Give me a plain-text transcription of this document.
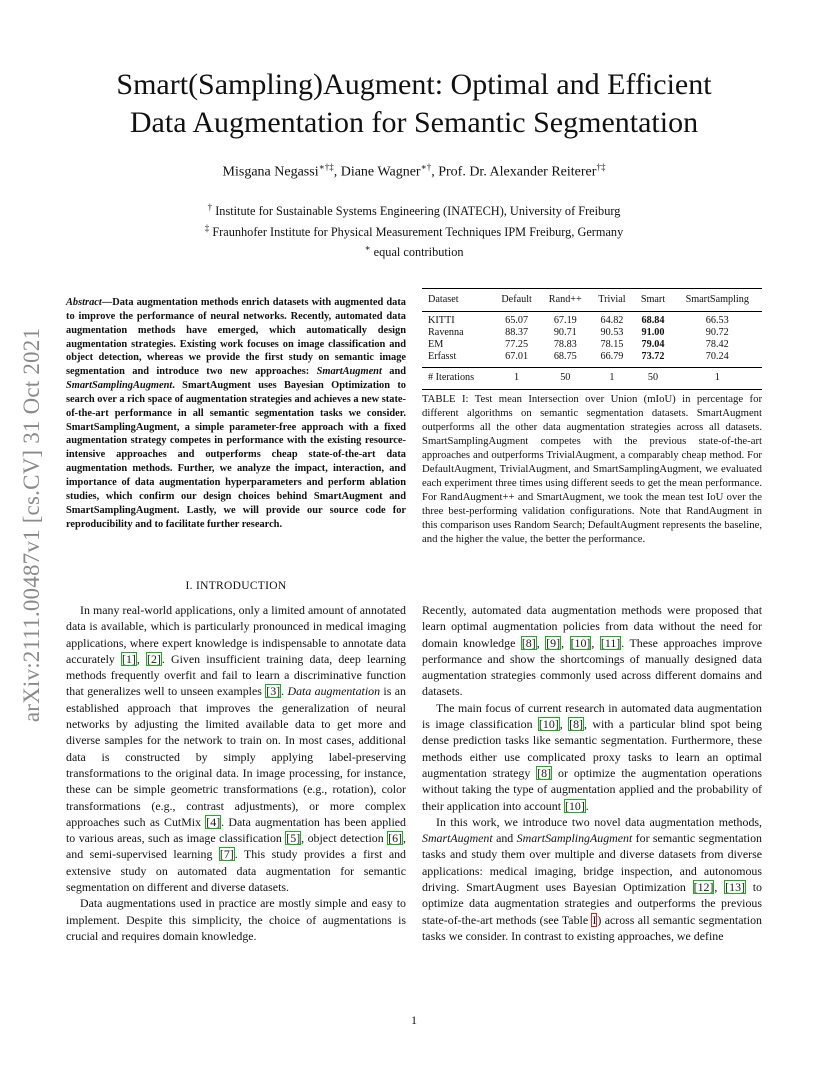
arXiv:2111.00487v1 [cs.CV] 31 Oct 2021
Smart(Sampling)Augment: Optimal and Efficient
Data Augmentation for Semantic Segmentation
Misgana Negassi∗†‡, Diane Wagner∗†, Prof. Dr. Alexander Reiterer†‡
† Institute for Sustainable Systems Engineering (INATECH), University of Freiburg
‡ Fraunhofer Institute for Physical Measurement Techniques IPM Freiburg, Germany
∗ equal contribution
Abstract—Data augmentation methods enrich datasets with augmented data to improve the performance of neural networks. Recently, automated data augmentation methods have emerged, which automatically design augmentation strategies. Existing work focuses on image classification and object detection, whereas we provide the first study on semantic image segmentation and introduce two new approaches: SmartAugment and SmartSamplingAugment. SmartAugment uses Bayesian Optimization to search over a rich space of augmentation strategies and achieves a new state-of-the-art performance in all semantic segmentation tasks we consider. SmartSamplingAugment, a simple parameter-free approach with a fixed augmentation strategy competes in performance with the existing resource-intensive approaches and outperforms cheap state-of-the-art data augmentation methods. Further, we analyze the impact, interaction, and importance of data augmentation hyperparameters and perform ablation studies, which confirm our design choices behind SmartAugment and SmartSamplingAugment. Lastly, we will provide our source code for reproducibility and to facilitate further research.
I. INTRODUCTION

In many real-world applications, only a limited amount of annotated data is available, which is particularly pronounced in medical imaging applications, where expert knowledge is indispensable to annotate data accurately [1], [2]. Given insufficient training data, deep learning methods frequently overfit and fail to learn a discriminative function that generalizes well to unseen examples [3]. Data augmentation is an established approach that improves the generalization of neural networks by adjusting the limited available data to get more and diverse samples for the network to train on. In most cases, additional data is constructed by simply applying label-preserving transformations to the original data. In image processing, for instance, these can be simple geometric transformations (e.g., rotation), color transformations (e.g., contrast adjustments), or more complex approaches such as CutMix [4]. Data augmentation has been applied to various areas, such as image classification [5], object detection [6], and semi-supervised learning [7]. This study provides a first and extensive study on automated data augmentation for semantic segmentation on different and diverse datasets.

Data augmentations used in practice are mostly simple and easy to implement. Despite this simplicity, the choice of augmentations is crucial and requires domain knowledge.

Dataset	Default	Rand++	Trivial	Smart	SmartSampling
KITTI	65.07	67.19	64.82	68.84	66.53
Ravenna	88.37	90.71	90.53	91.00	90.72
EM	77.25	78.83	78.15	79.04	78.42
Erfasst	67.01	68.75	66.79	73.72	70.24
# Iterations	1	50	1	50	1
TABLE I: Test mean Intersection over Union (mIoU) in percentage for different algorithms on semantic segmentation datasets. SmartAugment outperforms all the other data augmentation strategies across all datasets. SmartSamplingAugment competes with the previous state-of-the-art approaches and outperforms TrivialAugment, a comparably cheap method. For DefaultAugment, TrivialAugment, and SmartSamplingAugment, we evaluated each experiment three times using different seeds to get the mean performance. For RandAugment++ and SmartAugment, we took the mean test IoU over the three best-performing validation configurations. Note that RandAugment in this comparison uses Random Search; DefaultAugment represents the baseline, and the higher the value, the better the performance.

Recently, automated data augmentation methods were proposed that learn optimal augmentation policies from data without the need for domain knowledge [8], [9], [10], [11]. These approaches improve performance and show the shortcomings of manually designed data augmentation strategies commonly used across different domains and datasets.

The main focus of current research in automated data augmentation is image classification [10], [8], with a particular blind spot being dense prediction tasks like semantic segmentation. Furthermore, these methods either use complicated proxy tasks to learn an optimal augmentation strategy [8] or optimize the augmentation operations without taking the type of augmentation applied and the probability of their application into account [10].

In this work, we introduce two novel data augmentation methods, SmartAugment and SmartSamplingAugment for semantic segmentation tasks and study them over multiple and diverse datasets from diverse applications: medical imaging, bridge inspection, and autonomous driving. SmartAugment uses Bayesian Optimization [12], [13] to optimize data augmentation strategies and outperforms the previous state-of-the-art methods (see Table I) across all semantic segmentation tasks we consider. In contrast to existing approaches, we define

1
